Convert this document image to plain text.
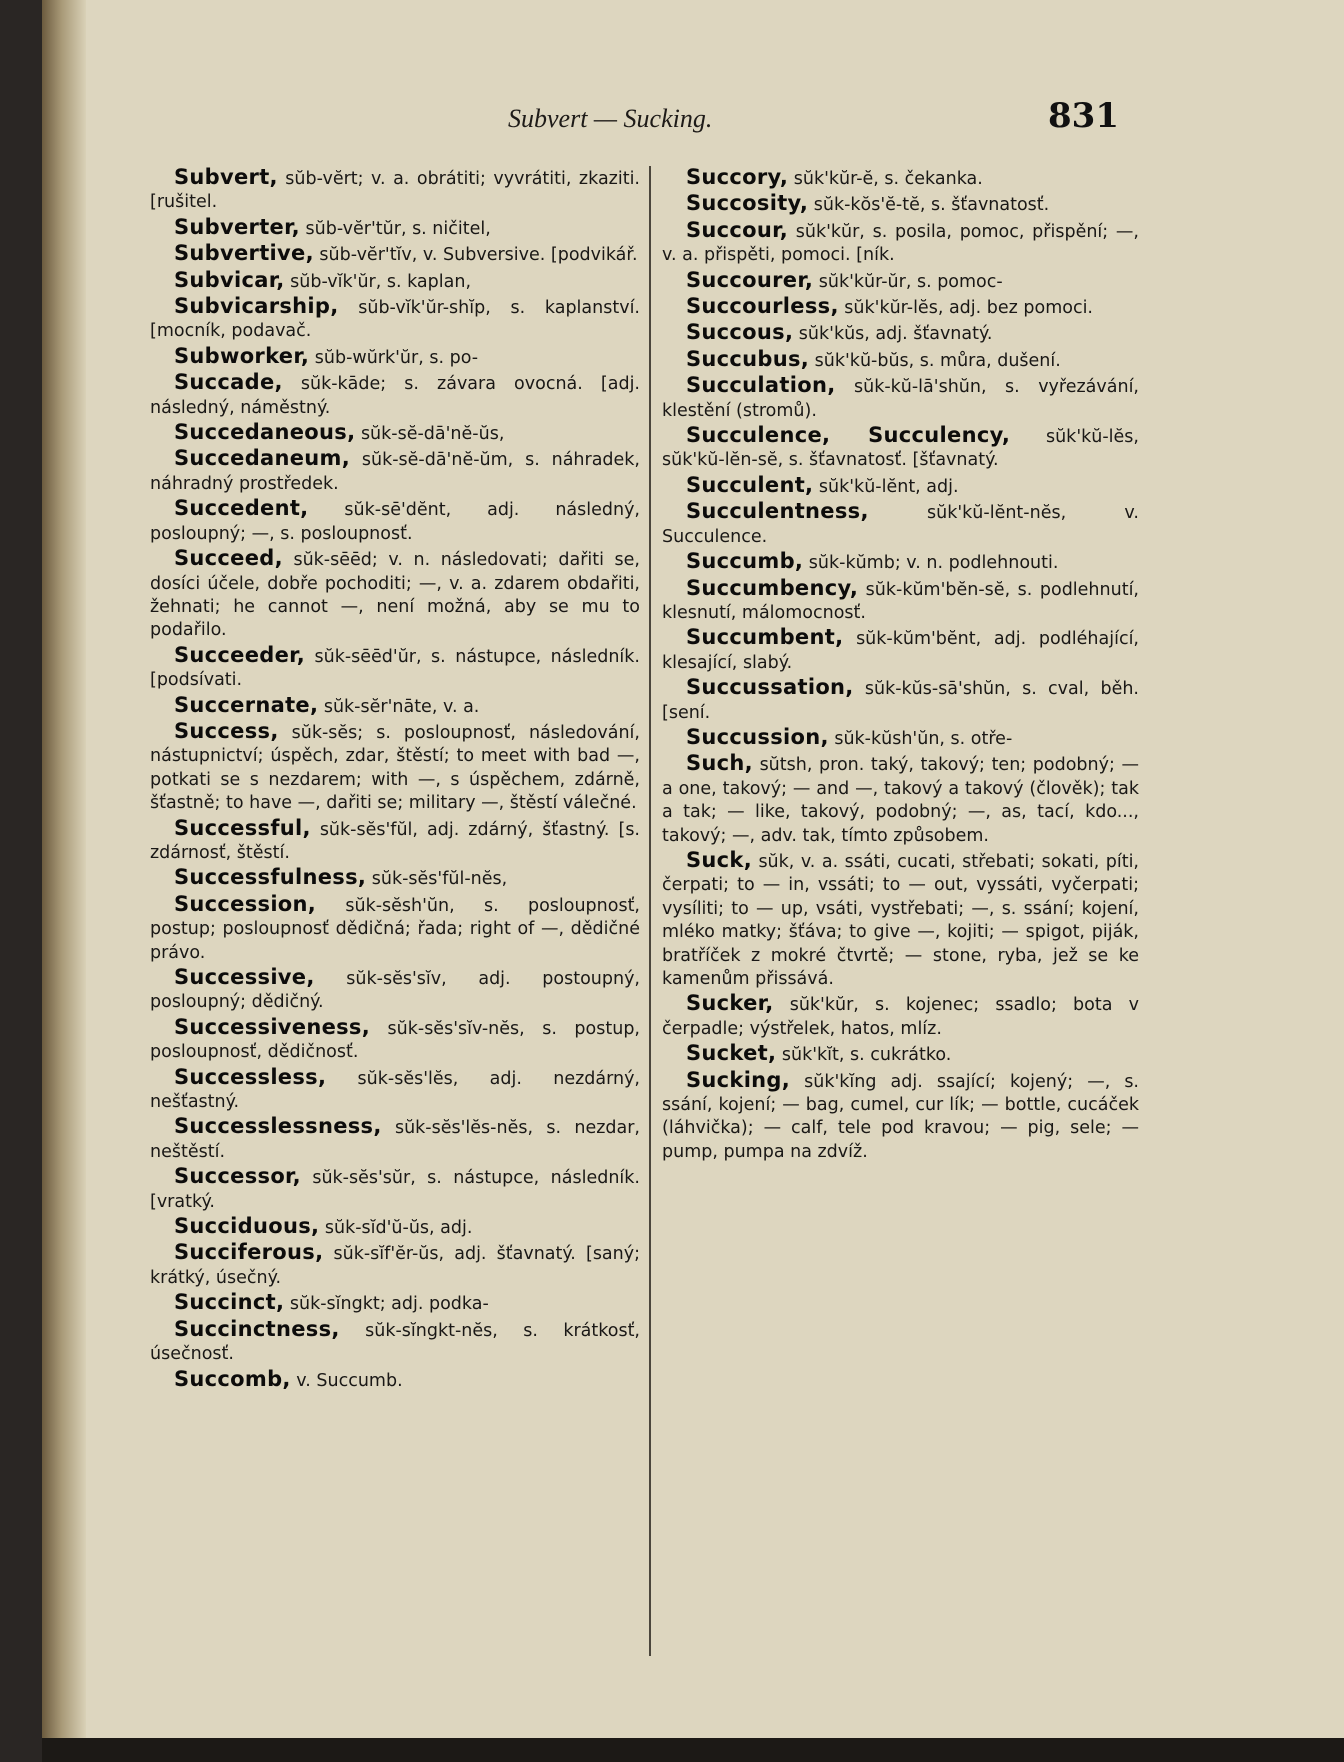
Subvert — Sucking.	831
Subvert, sŭb-vĕrt; v. a. obrátiti; vyvrátiti, zkaziti. [rušitel.
Subverter, sŭb-vĕr'tŭr, s. ničitel,
Subvertive, sŭb-vĕr'tĭv, v. Subversive. [podvikář.
Subvicar, sŭb-vĭk'ŭr, s. kaplan,
Subvicarship, sŭb-vĭk'ŭr-shĭp, s. kaplanství. [mocník, podavač.
Subworker, sŭb-wŭrk'ŭr, s. po-
Succade, sŭk-kāde; s. závara ovocná. [adj. následný, náměstný.
Succedaneous, sŭk-sĕ-dā'nĕ-ŭs,
Succedaneum, sŭk-sĕ-dā'nĕ-ŭm, s. náhradek, náhradný prostředek.
Succedent, sŭk-sē'dĕnt, adj. následný, posloupný; —, s. posloupnosť.
Succeed, sŭk-sēēd; v. n. následovati; dařiti se, dosíci účele, dobře pochoditi; —, v. a. zdarem obdařiti, žehnati; he cannot —, není možná, aby se mu to podařilo.
Succeeder, sŭk-sēēd'ŭr, s. nástupce, následník. [podsívati.
Succernate, sŭk-sĕr'nāte, v. a.
Success, sŭk-sĕs; s. posloupnosť, následování, nástupnictví; úspěch, zdar, štěstí; to meet with bad —, potkati se s nezdarem; with —, s úspěchem, zdárně, šťastně; to have —, dařiti se; military —, štěstí válečné.
Successful, sŭk-sĕs'fŭl, adj. zdárný, šťastný. [s. zdárnosť, štěstí.
Successfulness, sŭk-sĕs'fŭl-nĕs,
Succession, sŭk-sĕsh'ŭn, s. posloupnosť, postup; posloupnosť dědičná; řada; right of —, dědičné právo.
Successive, sŭk-sĕs'sĭv, adj. postoupný, posloupný; dědičný.
Successiveness, sŭk-sĕs'sĭv-nĕs, s. postup, posloupnosť, dědičnosť.
Successless, sŭk-sĕs'lĕs, adj. nezdárný, nešťastný.
Successlessness, sŭk-sĕs'lĕs-nĕs, s. nezdar, neštěstí.
Successor, sŭk-sĕs'sŭr, s. nástupce, následník. [vratký.
Succiduous, sŭk-sĭd'ŭ-ŭs, adj.
Succiferous, sŭk-sĭf'ĕr-ŭs, adj. šťavnatý. [saný; krátký, úsečný.
Succinct, sŭk-sĭngkt; adj. podka-
Succinctness, sŭk-sĭngkt-nĕs, s. krátkosť, úsečnosť.
Succomb, v. Succumb.
Succory, sŭk'kŭr-ĕ, s. čekanka.
Succosity, sŭk-kŏs'ĕ-tĕ, s. šťavnatosť.
Succour, sŭk'kŭr, s. posila, pomoc, přispění; —, v. a. přispěti, pomoci. [ník.
Succourer, sŭk'kŭr-ŭr, s. pomoc-
Succourless, sŭk'kŭr-lĕs, adj. bez pomoci.
Succous, sŭk'kŭs, adj. šťavnatý.
Succubus, sŭk'kŭ-bŭs, s. můra, dušení.
Succulation, sŭk-kŭ-lā'shŭn, s. vyřezávání, klestění (stromů).
Succulence, Succulency, sŭk'kŭ-lĕs, sŭk'kŭ-lĕn-sĕ, s. šťavnatosť. [šťavnatý.
Succulent, sŭk'kŭ-lĕnt, adj.
Succulentness, sŭk'kŭ-lĕnt-nĕs, v. Succulence.
Succumb, sŭk-kŭmb; v. n. podlehnouti.
Succumbency, sŭk-kŭm'bĕn-sĕ, s. podlehnutí, klesnutí, málomocnosť.
Succumbent, sŭk-kŭm'bĕnt, adj. podléhající, klesající, slabý.
Succussation, sŭk-kŭs-sā'shŭn, s. cval, běh. [sení.
Succussion, sŭk-kŭsh'ŭn, s. otře-
Such, sŭtsh, pron. taký, takový; ten; podobný; — a one, takový; — and —, takový a takový (člověk); tak a tak; — like, takový, podobný; —, as, tací, kdo..., takový; —, adv. tak, tímto způsobem.
Suck, sŭk, v. a. ssáti, cucati, střebati; sokati, píti, čerpati; to — in, vssáti; to — out, vyssáti, vyčerpati; vysíliti; to — up, vsáti, vystřebati; —, s. ssání; kojení, mléko matky; šťáva; to give —, kojiti; — spigot, piják, bratříček z mokré čtvrtě; — stone, ryba, jež se ke kamenům přissává.
Sucker, sŭk'kŭr, s. kojenec; ssadlo; bota v čerpadle; výstřelek, hatos, mlíz.
Sucket, sŭk'kĭt, s. cukrátko.
Sucking, sŭk'kĭng adj. ssající; kojený; —, s. ssání, kojení; — bag, cumel, cur lík; — bottle, cucáček (láhvička); — calf, tele pod kravou; — pig, sele; — pump, pumpa na zdvíž.
